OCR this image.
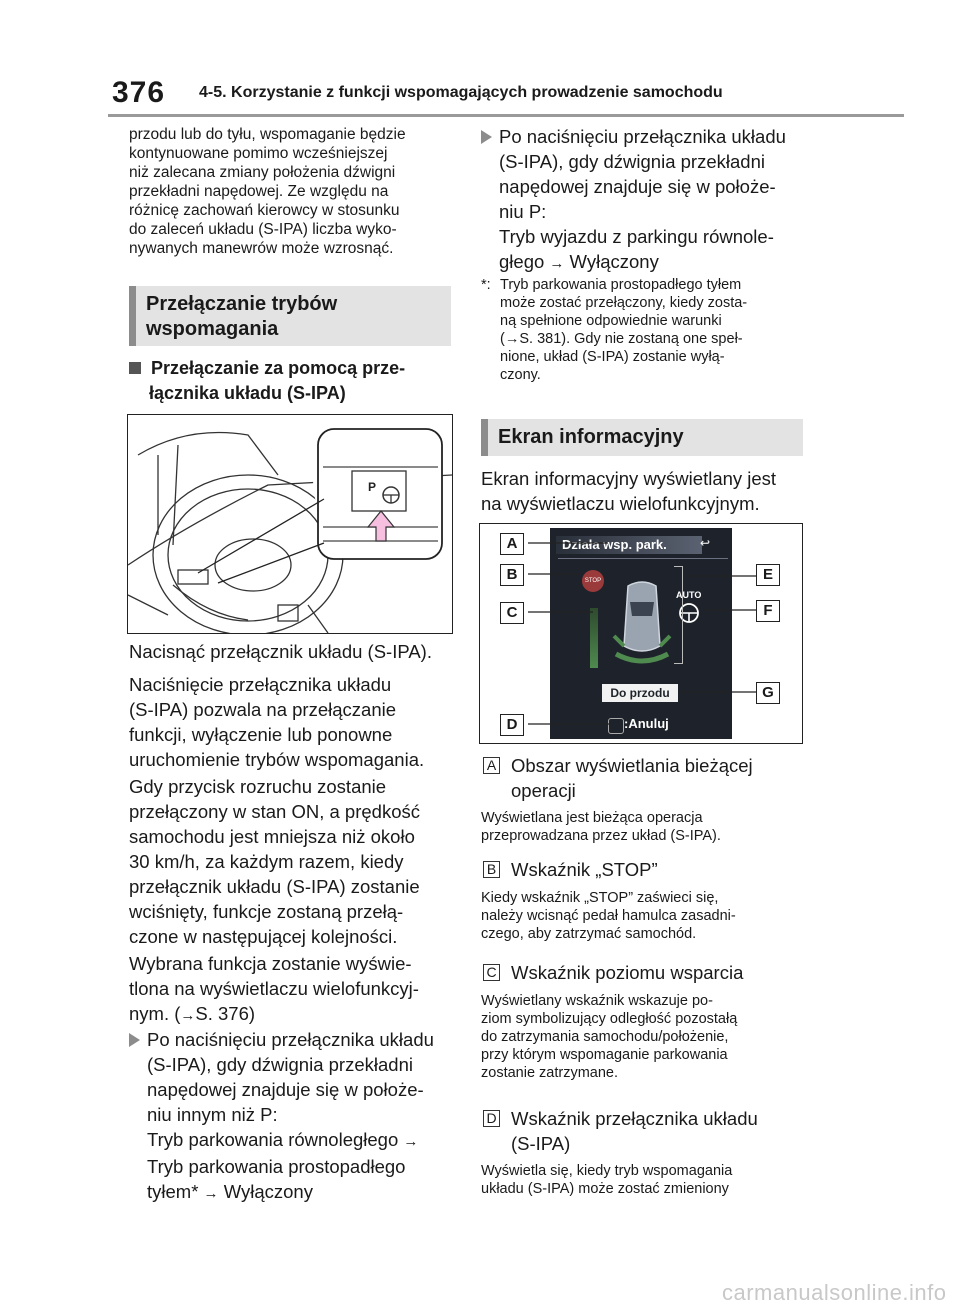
376 4-5. Korzystanie z funkcji wspomagających prowadzenie samochodu
przodu lub do tyłu, wspomaganie będzie
kontynuowane pomimo wcześniejszej
niż zalecana zmiany położenia dźwigni
przekładni napędowej. Ze względu na
różnicę zachowań kierowcy w stosunku
do zaleceń układu (S-IPA) liczba wyko-
nywanych manewrów może wzrosnąć.
Przełączanie trybów
wspomagania
Przełączanie za pomocą prze-
łącznika układu (S-IPA)
P
Nacisnąć przełącznik układu (S-IPA).
Naciśnięcie przełącznika układu
(S-IPA) pozwala na przełączanie
funkcji, wyłączenie lub ponowne
uruchomienie trybów wspomagania.
Gdy przycisk rozruchu zostanie
przełączony w stan ON, a prędkość
samochodu jest mniejsza niż około
30 km/h, za każdym razem, kiedy
przełącznik układu (S-IPA) zostanie
wciśnięty, funkcje zostaną przełą-
czone w następującej kolejności.
Wybrana funkcja zostanie wyświe-
tlona na wyświetlaczu wielofunkcyj-
nym. (→S. 376)
Po naciśnięciu przełącznika układu
(S-IPA), gdy dźwignia przekładni
napędowej znajduje się w położe-
niu innym niż P:
Tryb parkowania równoległego →
Tryb parkowania prostopadłego
tyłem* → Wyłączony
Po naciśnięciu przełącznika układu
(S-IPA), gdy dźwignia przekładni
napędowej znajduje się w położe-
niu P:
Tryb wyjazdu z parkingu równole-
głego → Wyłączony
*: Tryb parkowania prostopadłego tyłem
może zostać przełączony, kiedy zosta-
ną spełnione odpowiednie warunki
(→S. 381). Gdy nie zostaną one speł-
nione, układ (S-IPA) zostanie wyłą-
czony.
Ekran informacyjny
Ekran informacyjny wyświetlany jest
na wyświetlaczu wielofunkcyjnym.
Działa wsp. park.	↩
STOP
AUTO
Do przodu
:Anuluj
A
B
C
D
E
F
G
A Obszar wyświetlania bieżącej
operacji
Wyświetlana jest bieżąca operacja
przeprowadzana przez układ (S-IPA).
B Wskaźnik „STOP”
Kiedy wskaźnik „STOP” zaświeci się,
należy wcisnąć pedał hamulca zasadni-
czego, aby zatrzymać samochód.
C Wskaźnik poziomu wsparcia
Wyświetlany wskaźnik wskazuje po-
ziom symbolizujący odległość pozostałą
do zatrzymania samochodu/położenie,
przy którym wspomaganie parkowania
zostanie zatrzymane.
D Wskaźnik przełącznika układu
(S-IPA)
Wyświetla się, kiedy tryb wspomagania
układu (S-IPA) może zostać zmieniony
carmanualsonline.info
